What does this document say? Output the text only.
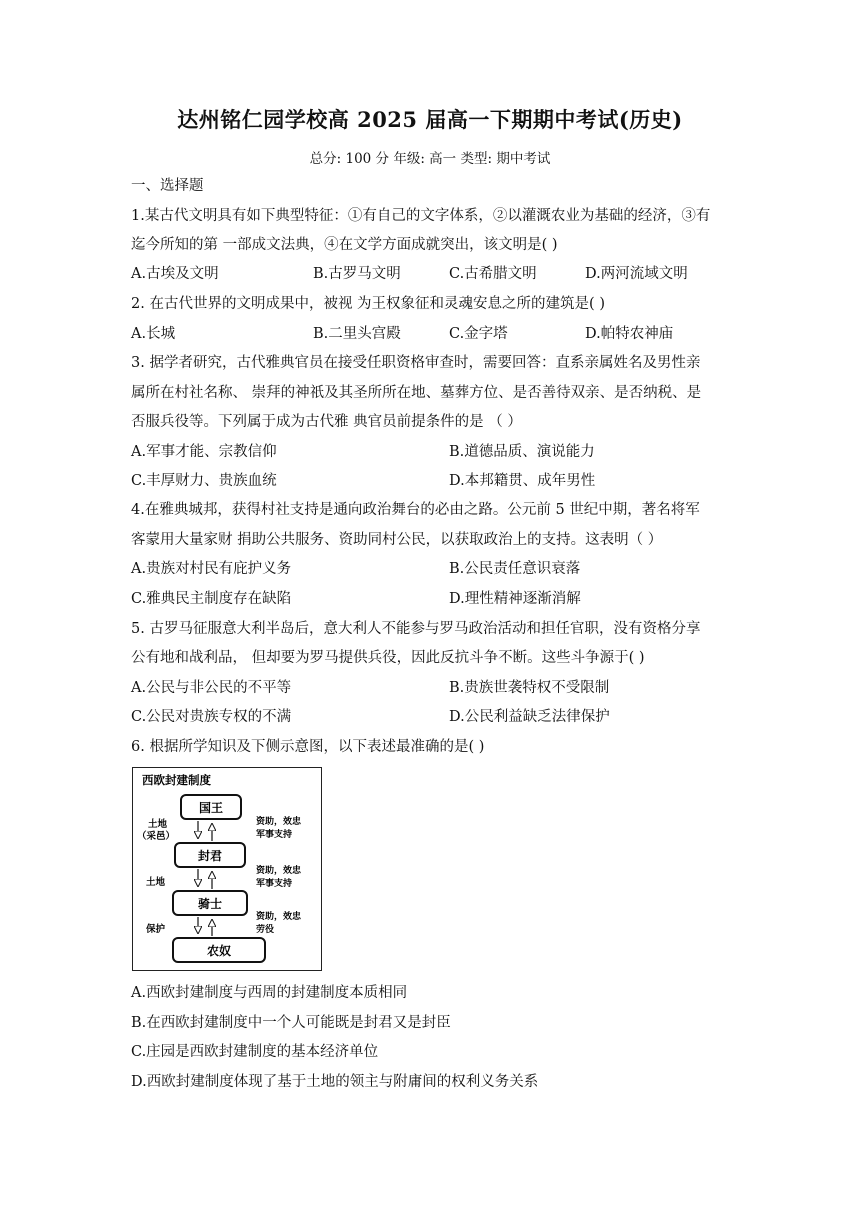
达州铭仁园学校高 2025 届高一下期期中考试(历史)
总分: 100 分 年级: 高一 类型: 期中考试
一、选择题
1.某古代文明具有如下典型特征：①有自己的文字体系，②以灌溉农业为基础的经济，③有
迄今所知的第 一部成文法典，④在文学方面成就突出，该文明是( )
A.古埃及文明	B.古罗马文明	C.古希腊文明	D.两河流域文明
2. 在古代世界的文明成果中，被视 为王权象征和灵魂安息之所的建筑是( )
A.长城	B.二里头宫殿	C.金字塔	D.帕特农神庙
3. 据学者研究，古代雅典官员在接受任职资格审查时，需要回答：直系亲属姓名及男性亲
属所在村社名称、 崇拜的神祇及其圣所所在地、墓葬方位、是否善待双亲、是否纳税、是
否服兵役等。下列属于成为古代雅 典官员前提条件的是 （ ）
A.军事才能、宗教信仰	B.道德品质、演说能力
C.丰厚财力、贵族血统	D.本邦籍贯、成年男性
4.在雅典城邦，获得村社支持是通向政治舞台的必由之路。公元前 5 世纪中期，著名将军
客蒙用大量家财 捐助公共服务、资助同村公民，以获取政治上的支持。这表明（ ）
A.贵族对村民有庇护义务	B.公民责任意识衰落
C.雅典民主制度存在缺陷	D.理性精神逐渐消解
5. 古罗马征服意大利半岛后，意大利人不能参与罗马政治活动和担任官职，没有资格分享
公有地和战利品， 但却要为罗马提供兵役，因此反抗斗争不断。这些斗争源于( )
A.公民与非公民的不平等	B.贵族世袭特权不受限制
C.公民对贵族专权的不满	D.公民利益缺乏法律保护
6. 根据所学知识及下侧示意图，以下表述最准确的是( )
西欧封建制度
国王
封君
骑士
农奴
土地
（采邑）
土地
保护
资助，效忠
军事支持
资助，效忠
军事支持
资助，效忠
劳役
A.西欧封建制度与西周的封建制度本质相同
B.在西欧封建制度中一个人可能既是封君又是封臣
C.庄园是西欧封建制度的基本经济单位
D.西欧封建制度体现了基于土地的领主与附庸间的权利义务关系
